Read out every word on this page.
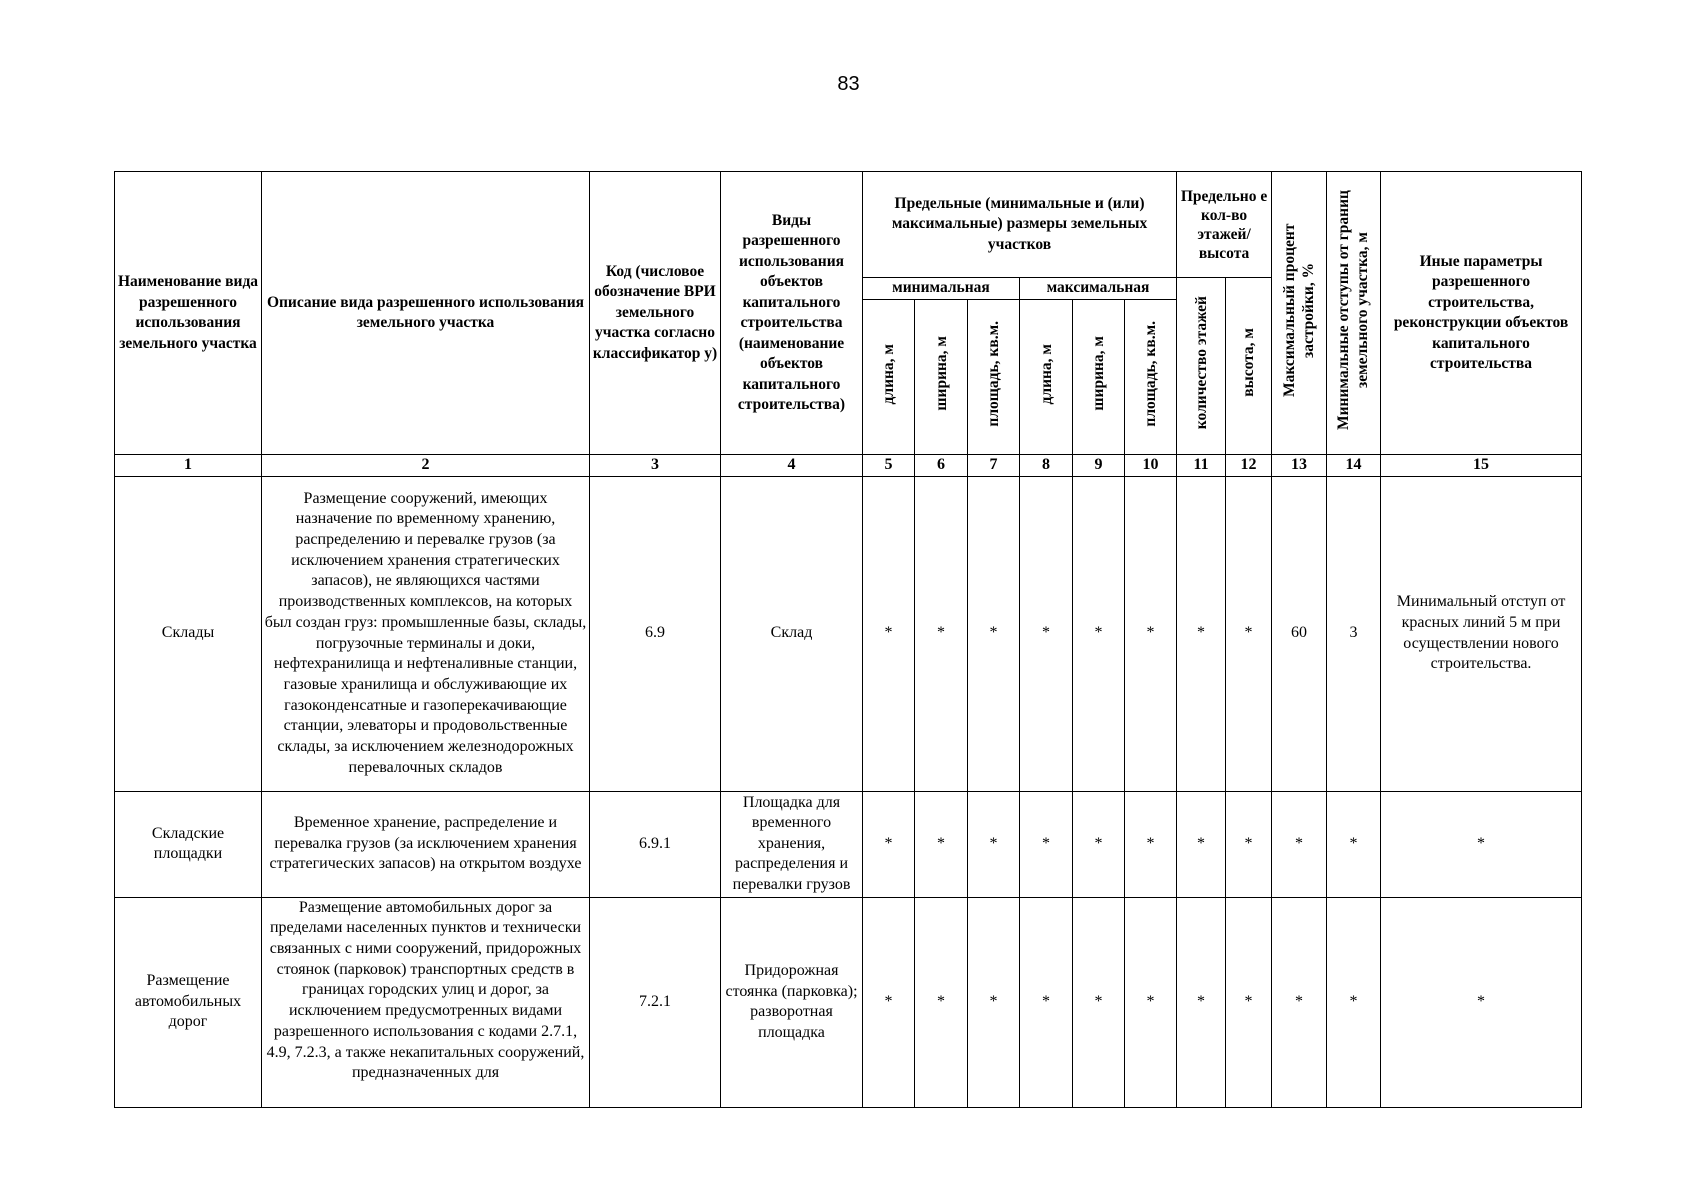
83
Наименование вида разрешенного использования земельного участка	Описание вида разрешенного использования земельного участка	Код (числовое обозначение ВРИ земельного участка согласно классификатор у)	Виды разрешенного использования объектов капитального строительства (наименование объектов капитального строительства)	Предельные (минимальные и (или) максимальные) размеры земельных участков						Предельно е кол-во этажей/ высота		Максимальный процент застройки, %	Минимальные отступы от границ земельного участка, м	Иные параметры разрешенного строительства, реконструкции объектов капитального строительства
				минимальная			максимальная			количество этажей	высота, м			
				длина, м	ширина, м	площадь, кв.м.	длина, м	ширина, м	площадь, кв.м.					
1	2	3	4	5	6	7	8	9	10	11	12	13	14	15
Склады	Размещение сооружений, имеющих назначение по временному хранению, распределению и перевалке грузов (за исключением хранения стратегических запасов), не являющихся частями производственных комплексов, на которых был создан груз: промышленные базы, склады, погрузочные терминалы и доки, нефтехранилища и нефтеналивные станции, газовые хранилища и обслуживающие их газоконденсатные и газоперекачивающие станции, элеваторы и продовольственные склады, за исключением железнодорожных перевалочных складов	6.9	Склад	*	*	*	*	*	*	*	*	60	3	Минимальный отступ от красных линий 5 м при осуществлении нового строительства.
Складские площадки	Временное хранение, распределение и перевалка грузов (за исключением хранения стратегических запасов) на открытом воздухе	6.9.1	Площадка для временного хранения, распределения и перевалки грузов	*	*	*	*	*	*	*	*	*	*	*
Размещение автомобильных дорог	Размещение автомобильных дорог за пределами населенных пунктов и технически связанных с ними сооружений, придорожных стоянок (парковок) транспортных средств в границах городских улиц и дорог, за исключением предусмотренных видами разрешенного использования с кодами 2.7.1, 4.9, 7.2.3, а также некапитальных сооружений, предназначенных для	7.2.1	Придорожная стоянка (парковка); разворотная площадка	*	*	*	*	*	*	*	*	*	*	*
